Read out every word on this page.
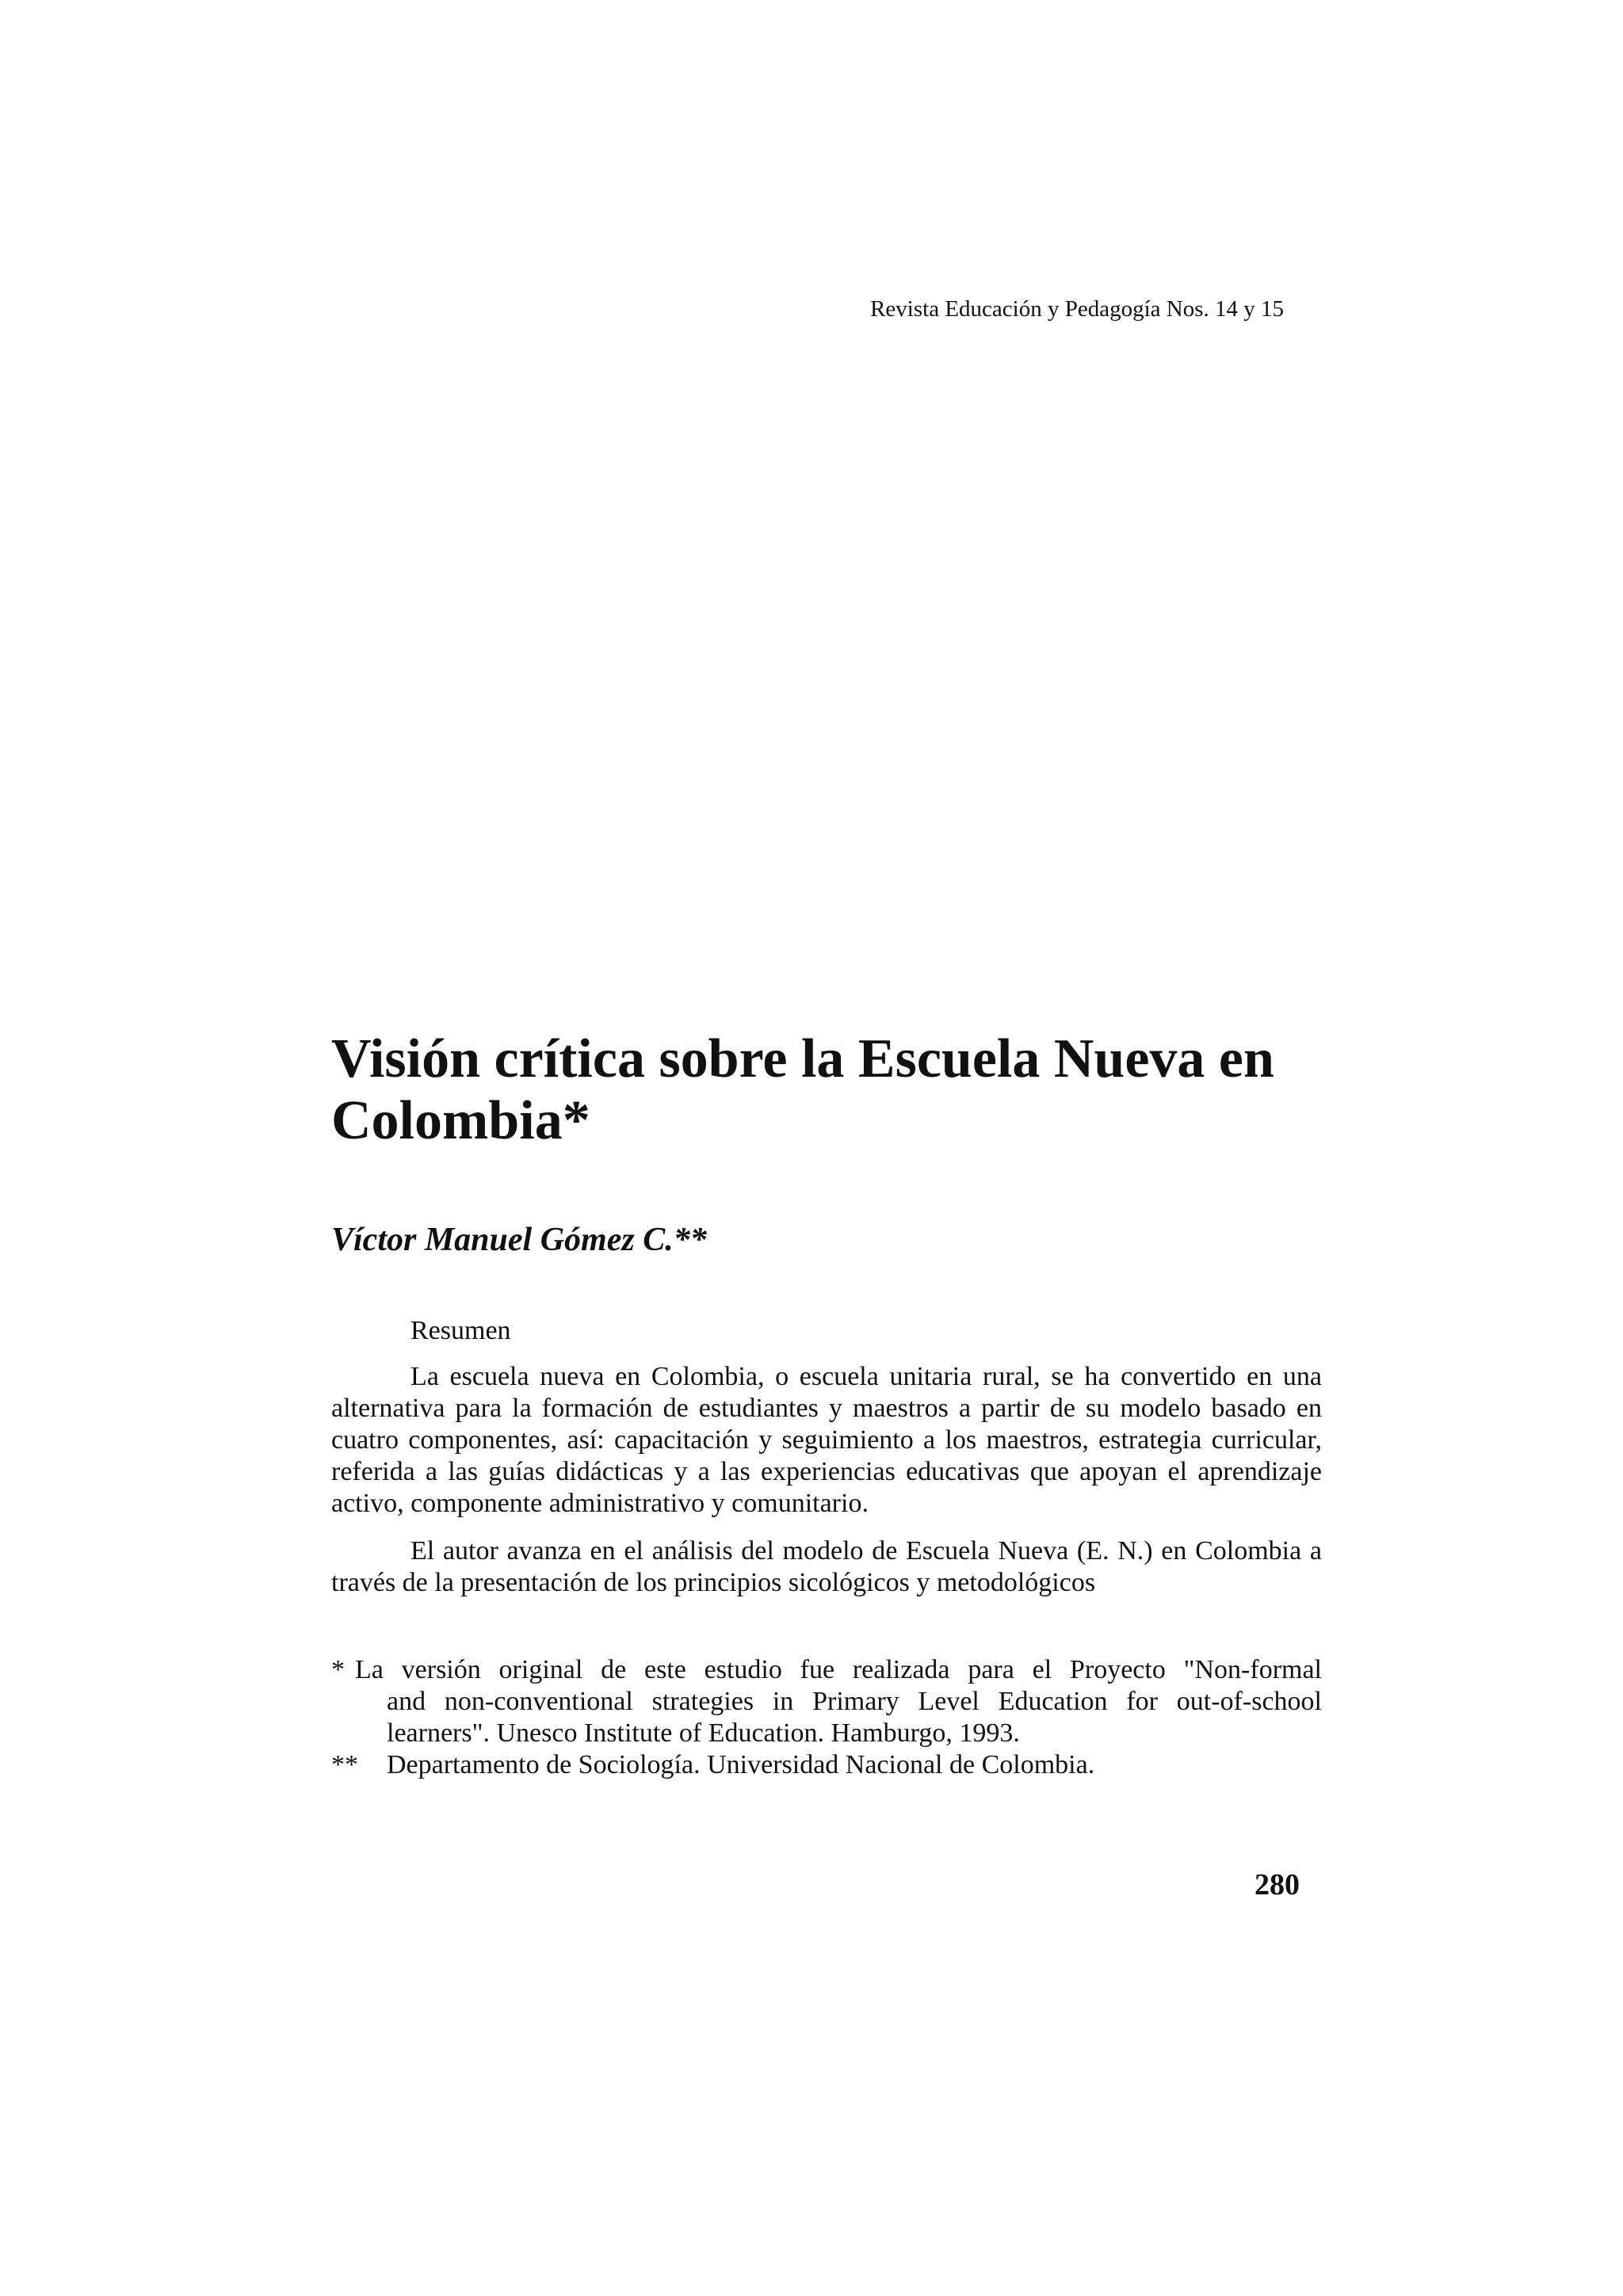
Revista Educación y Pedagogía Nos. 14 y 15
Visión crítica sobre la Escuela Nueva en Colombia*
Víctor Manuel Gómez C.**
Resumen

La escuela nueva en Colombia, o escuela unitaria rural, se ha convertido en una alternativa para la formación de estudiantes y maestros a partir de su modelo basado en cuatro componentes, así: capacitación y seguimiento a los maestros, estrategia curricular, referida a las guías didácticas y a las experiencias educativas que apoyan el aprendizaje activo, componente administrativo y comunitario.

El autor avanza en el análisis del modelo de Escuela Nueva (E. N.) en Colombia a través de la presentación de los principios sicológicos y metodológicos

* La versión original de este estudio fue realizada para el Proyecto "Non-formal
and non-conventional strategies in Primary Level Education for out-of-school learners". Unesco Institute of Education. Hamburgo, 1993.
**	Departamento de Sociología. Universidad Nacional de Colombia.
280
